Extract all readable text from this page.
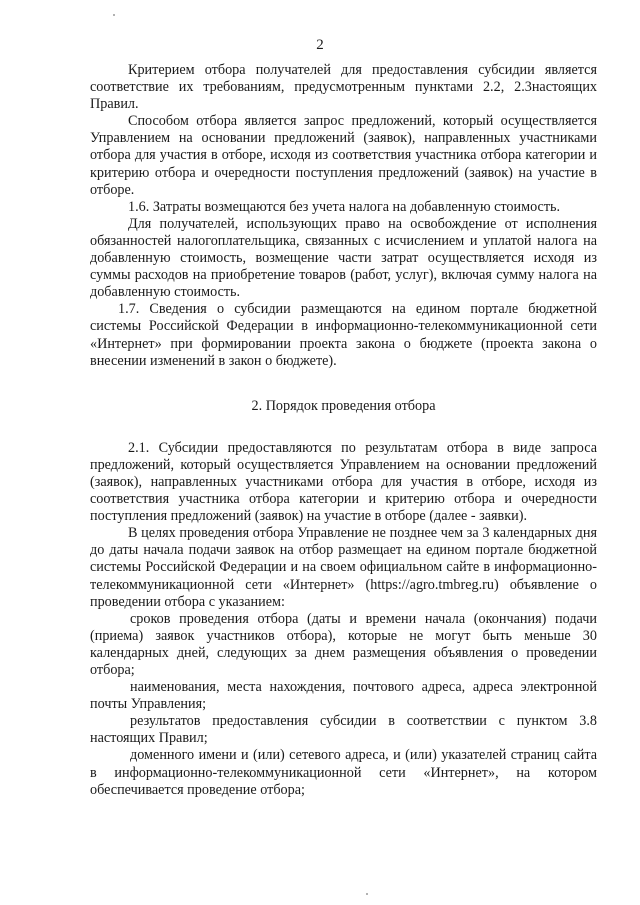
2

Критерием отбора получателей для предоставления субсидии является соответствие их требованиям, предусмотренным пунктами 2.2, 2.3настоящих Правил.

Способом отбора является запрос предложений, который осуществляется Управлением на основании предложений (заявок), направленных участниками отбора для участия в отборе, исходя из соответствия участника отбора категории и критерию отбора и очередности поступления предложений (заявок) на участие в отборе.

1.6. Затраты возмещаются без учета налога на добавленную стоимость.

Для получателей, использующих право на освобождение от исполнения обязанностей налогоплательщика, связанных с исчислением и уплатой налога на добавленную стоимость, возмещение части затрат осуществляется исходя из суммы расходов на приобретение товаров (работ, услуг), включая сумму налога на добавленную стоимость.

1.7. Сведения о субсидии размещаются на едином портале бюджетной системы Российской Федерации в информационно-телекоммуникационной сети «Интернет» при формировании проекта закона о бюджете (проекта закона о внесении изменений в закон о бюджете).

2. Порядок проведения отбора

2.1. Субсидии предоставляются по результатам отбора в виде запроса предложений, который осуществляется Управлением на основании предложений (заявок), направленных участниками отбора для участия в отборе, исходя из соответствия участника отбора категории и критерию отбора и очередности поступления предложений (заявок) на участие в отборе (далее - заявки).

В целях проведения отбора Управление не позднее чем за 3 календарных дня до даты начала подачи заявок на отбор размещает на едином портале бюджетной системы Российской Федерации и на своем официальном сайте в информационно-телекоммуникационной сети «Интернет» (https://agro.tmbreg.ru) объявление о проведении отбора с указанием:

сроков проведения отбора (даты и времени начала (окончания) подачи (приема) заявок участников отбора), которые не могут быть меньше 30 календарных дней, следующих за днем размещения объявления о проведении отбора;

наименования, места нахождения, почтового адреса, адреса электронной почты Управления;

результатов предоставления субсидии в соответствии с пунктом 3.8 настоящих Правил;

доменного имени и (или) сетевого адреса, и (или) указателей страниц сайта в информационно-телекоммуникационной сети «Интернет», на котором обеспечивается проведение отбора;
